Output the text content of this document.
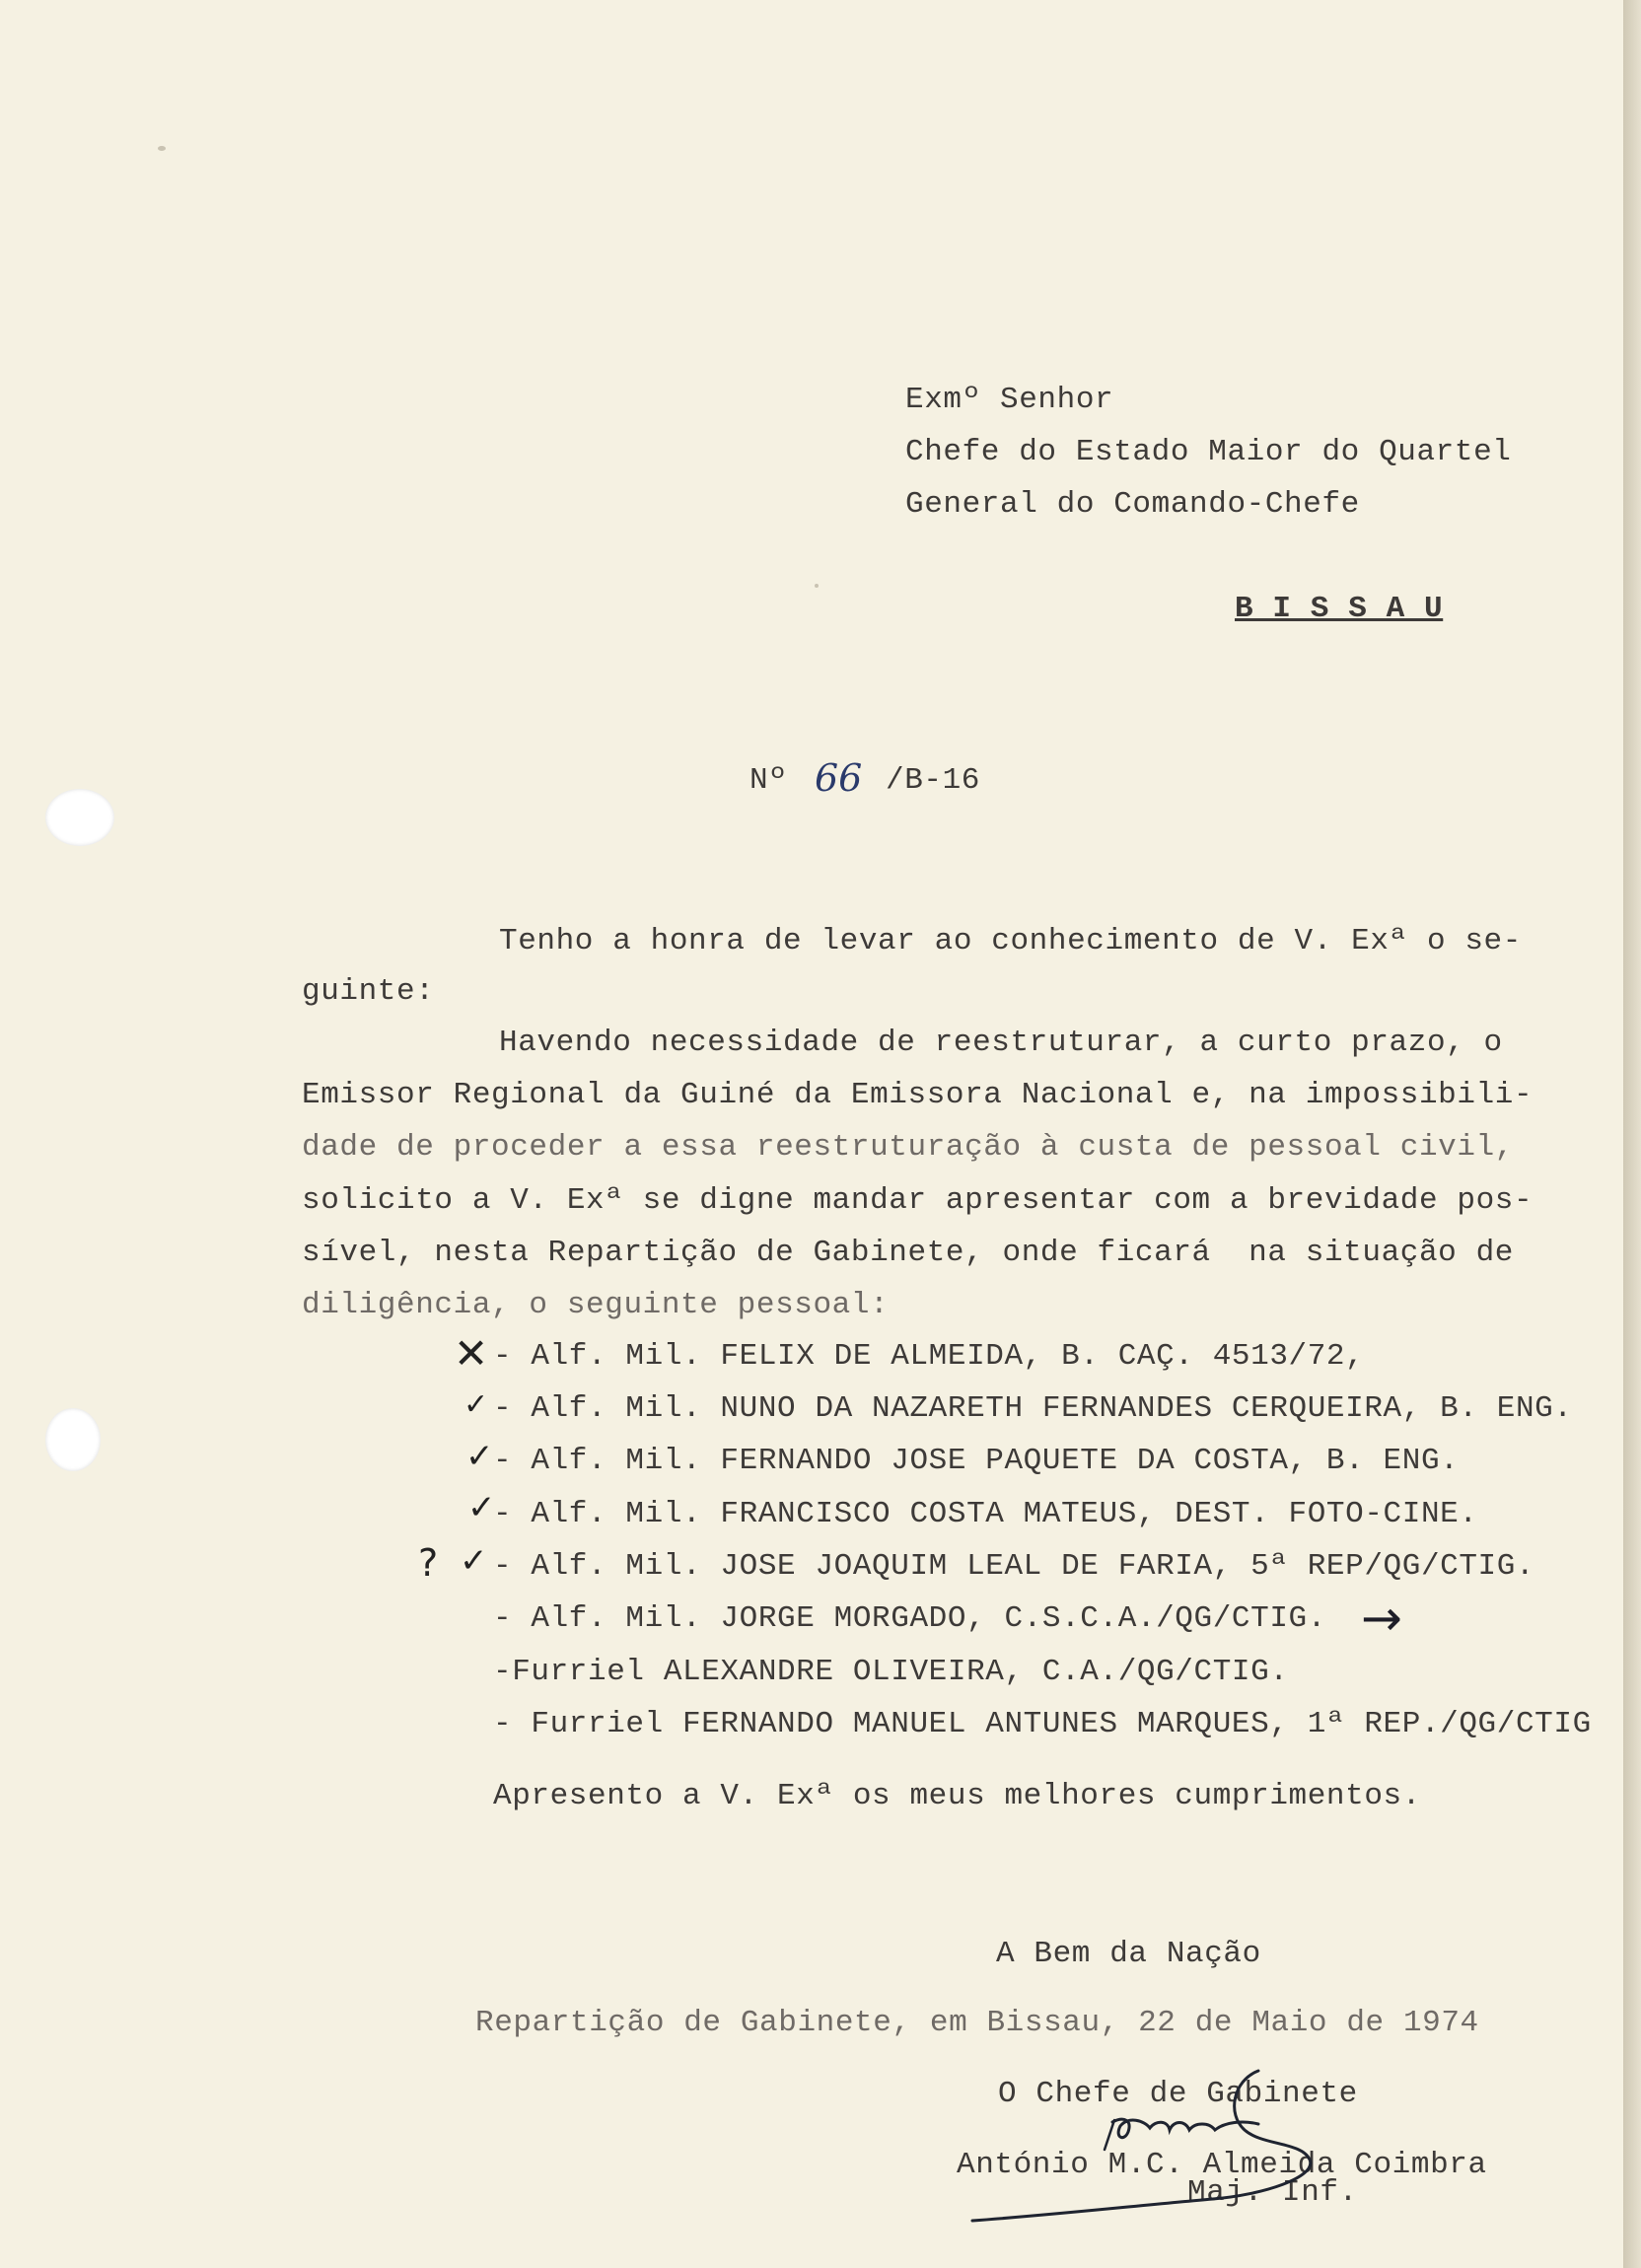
Exmº Senhor
Chefe do Estado Maior do Quartel
General do Comando-Chefe
B I S S A U
Nº 66 /B-16
Tenho a honra de levar ao conhecimento de V. Exª o se-
guinte:
Havendo necessidade de reestruturar, a curto prazo, o
Emissor Regional da Guiné da Emissora Nacional e, na impossibili-
dade de proceder a essa reestruturação à custa de pessoal civil,
solicito a V. Exª se digne mandar apresentar com a brevidade pos-
sível, nesta Repartição de Gabinete, onde ficará  na situação de
diligência, o seguinte pessoal:
✕ - Alf. Mil. FELIX DE ALMEIDA, B. CAÇ. 4513/72,
✓ - Alf. Mil. NUNO DA NAZARETH FERNANDES CERQUEIRA, B. ENG.
✓ - Alf. Mil. FERNANDO JOSE PAQUETE DA COSTA, B. ENG.
✓
- Alf. Mil. FRANCISCO COSTA MATEUS, DEST. FOTO-CINE.
? ✓ - Alf. Mil. JOSE JOAQUIM LEAL DE FARIA, 5ª REP/QG/CTIG.
- Alf. Mil. JORGE MORGADO, C.S.C.A./QG/CTIG. →
-Furriel ALEXANDRE OLIVEIRA, C.A./QG/CTIG.
- Furriel FERNANDO MANUEL ANTUNES MARQUES, 1ª REP./QG/CTIG
Apresento a V. Exª os meus melhores cumprimentos.
A Bem da Nação
Repartição de Gabinete, em Bissau, 22 de Maio de 1974
O Chefe de Gabinete
António M.C. Almeida Coimbra
Maj. Inf.
